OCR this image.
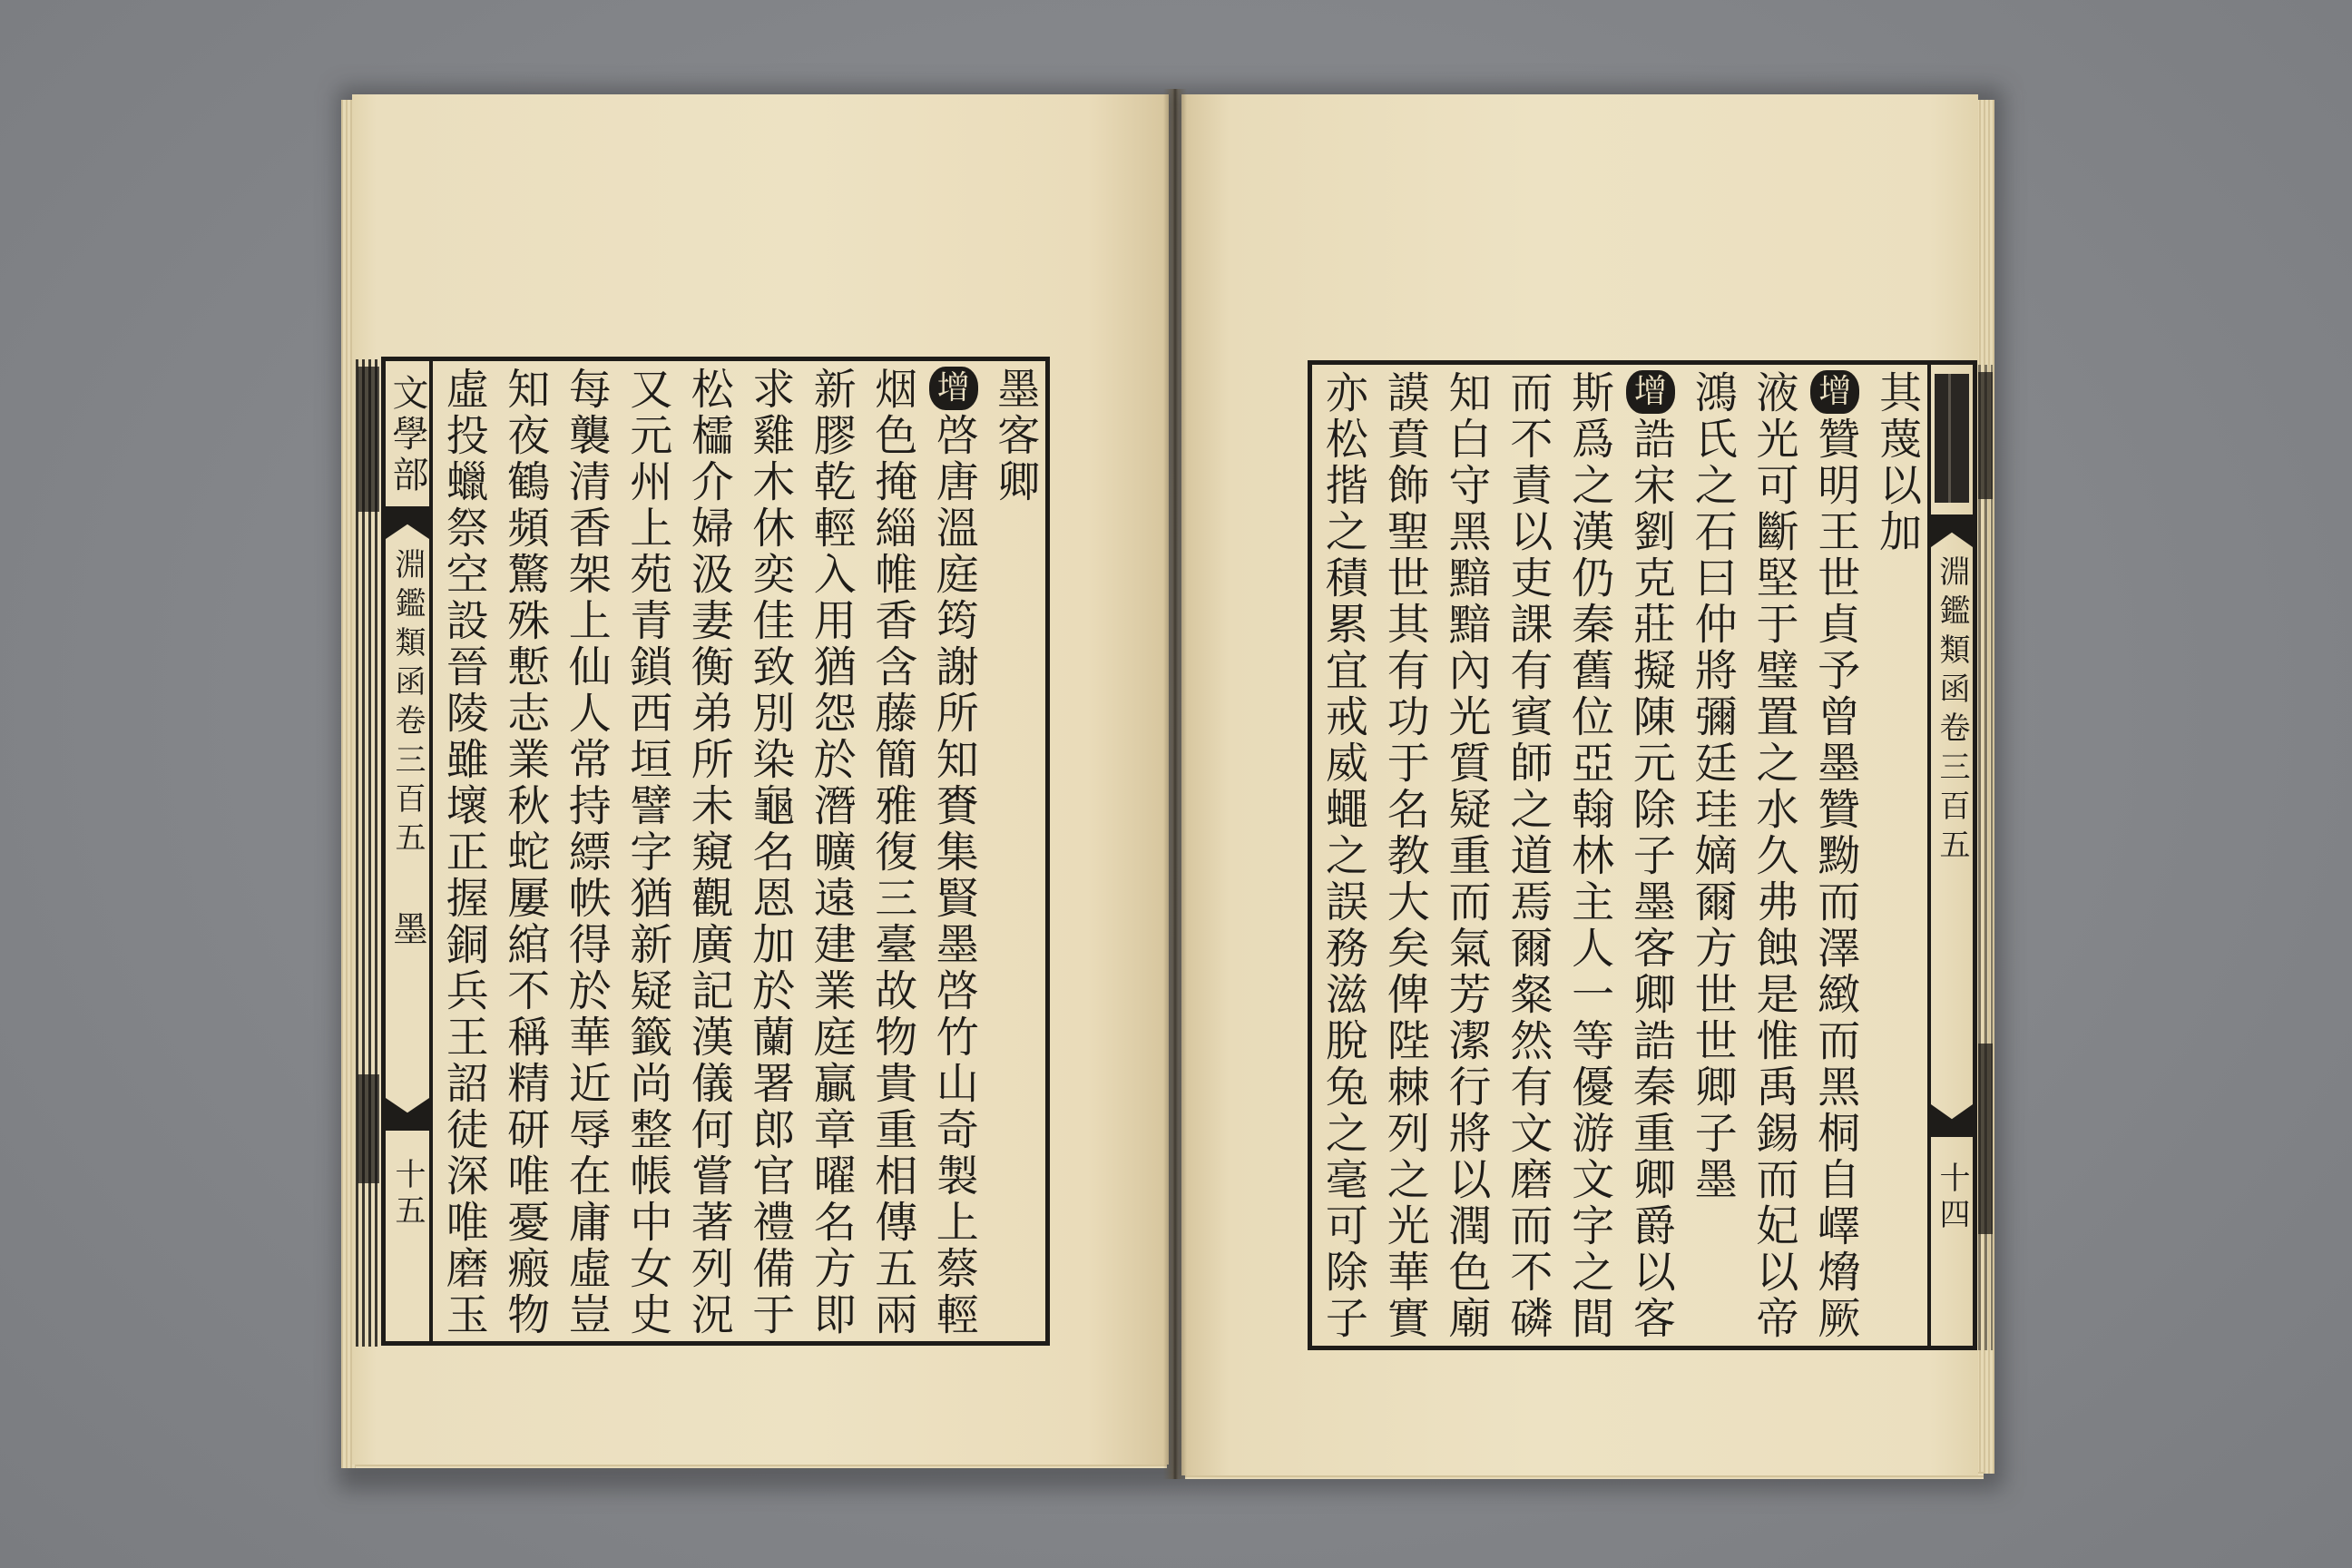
文學部
淵鑑類函卷三百五
墨
十五
墨客卿
增
啓唐溫庭筠謝所知賚集賢墨啓竹山奇製上蔡輕
烟色掩緇帷香含藤簡雅復三臺故物貴重相傳五兩
新膠乾輕入用猶怨於潛曠遠建業庭贏章曜名方即
求雞木休奕佳致別染龜名恩加於蘭署郎官禮備于
松櫺介婦汲妻衡弟所未窺觀廣記漢儀何嘗著列況
又元州上苑青鎖西垣譬字猶新疑籤尚整帳中女史
每襲清香架上仙人常持縹帙得於華近辱在庸虛豈
知夜鶴頻驚殊慙志業秋蛇屢綰不稱精研唯憂瘢物
虛投蠟祭空設晉陵雖壞正握銅兵王詔徒深唯磨玉	其蔑以加
增
贊明王世貞予曾墨贊黝而澤緻而黑桐自嶧熁厥
液光可斷堅于璧置之水久弗蝕是惟禹錫而妃以帝
鴻氏之石曰仲將彌廷珪嫡爾方世世卿子墨
增
誥宋劉克莊擬陳元除子墨客卿誥秦重卿爵以客
斯爲之漢仍秦舊位亞翰林主人一等優游文字之間
而不責以吏課有賓師之道焉爾粲然有文磨而不磷
知白守黑黯黯內光質疑重而氣芳潔行將以潤色廟
謨賁飾聖世其有功于名教大矣俾陛棘列之光華實
亦松揩之積累宜戒威蠅之誤務滋脫兔之毫可除子	淵鑑類函卷三百五
十四
